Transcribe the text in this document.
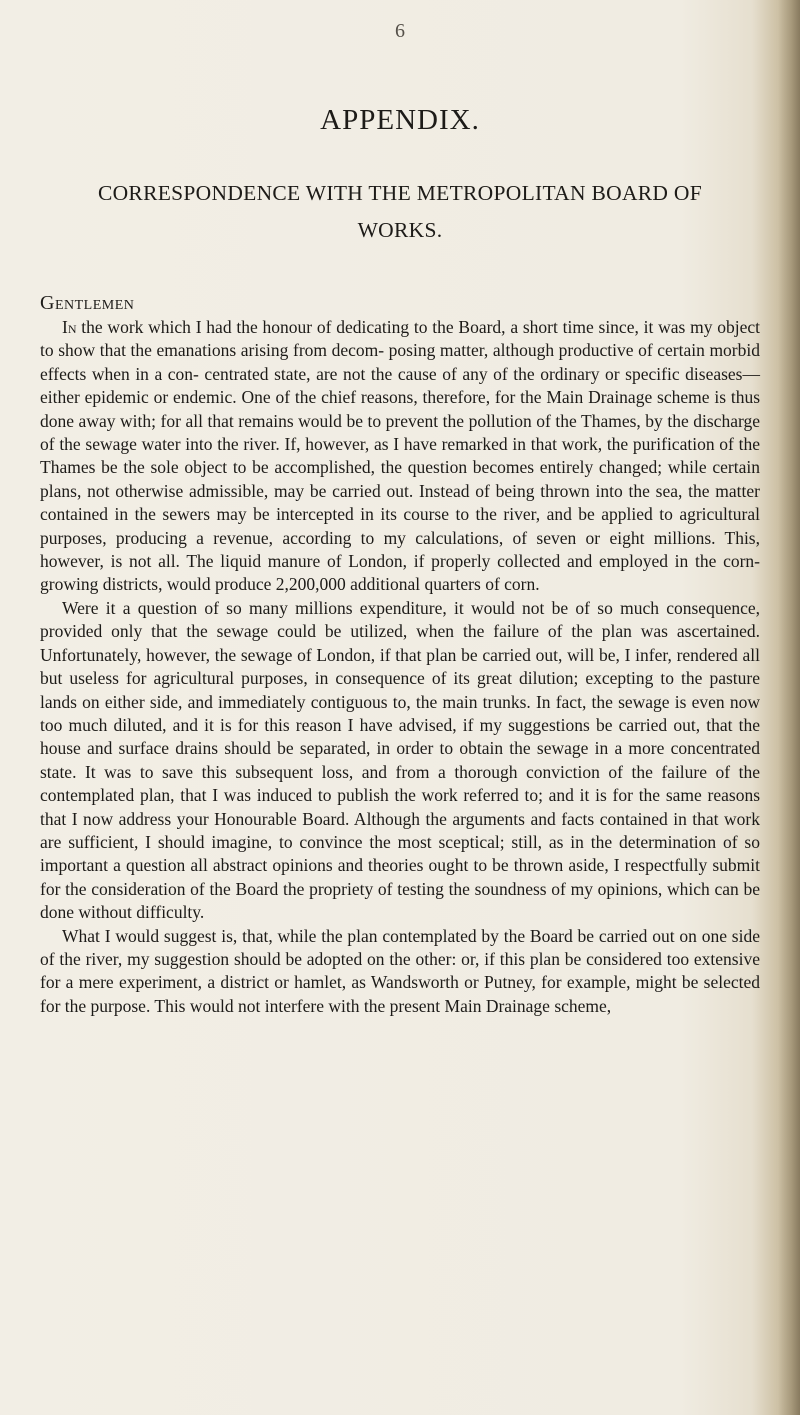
6
APPENDIX.
CORRESPONDENCE WITH THE METROPOLITAN BOARD OF WORKS.
Gentlemen

In the work which I had the honour of dedicating to the Board, a short time since, it was my object to show that the emanations arising from decom- posing matter, although productive of certain morbid effects when in a con- centrated state, are not the cause of any of the ordinary or specific diseases— either epidemic or endemic. One of the chief reasons, therefore, for the Main Drainage scheme is thus done away with; for all that remains would be to prevent the pollution of the Thames, by the discharge of the sewage water into the river. If, however, as I have remarked in that work, the purification of the Thames be the sole object to be accomplished, the question becomes entirely changed; while certain plans, not otherwise admissible, may be carried out. Instead of being thrown into the sea, the matter contained in the sewers may be intercepted in its course to the river, and be applied to agricultural purposes, producing a revenue, according to my calculations, of seven or eight millions. This, however, is not all. The liquid manure of London, if properly collected and employed in the corn-growing districts, would produce 2,200,000 additional quarters of corn.

Were it a question of so many millions expenditure, it would not be of so much consequence, provided only that the sewage could be utilized, when the failure of the plan was ascertained. Unfortunately, however, the sewage of London, if that plan be carried out, will be, I infer, rendered all but useless for agricultural purposes, in consequence of its great dilution; excepting to the pasture lands on either side, and immediately contiguous to, the main trunks. In fact, the sewage is even now too much diluted, and it is for this reason I have advised, if my suggestions be carried out, that the house and surface drains should be separated, in order to obtain the sewage in a more concentrated state. It was to save this subsequent loss, and from a thorough conviction of the failure of the contemplated plan, that I was induced to publish the work referred to; and it is for the same reasons that I now address your Honourable Board. Although the arguments and facts contained in that work are sufficient, I should imagine, to convince the most sceptical; still, as in the determination of so important a question all abstract opinions and theories ought to be thrown aside, I respectfully submit for the consideration of the Board the propriety of testing the soundness of my opinions, which can be done without difficulty.

What I would suggest is, that, while the plan contemplated by the Board be carried out on one side of the river, my suggestion should be adopted on the other: or, if this plan be considered too extensive for a mere experiment, a district or hamlet, as Wandsworth or Putney, for example, might be selected for the purpose. This would not interfere with the present Main Drainage scheme,
